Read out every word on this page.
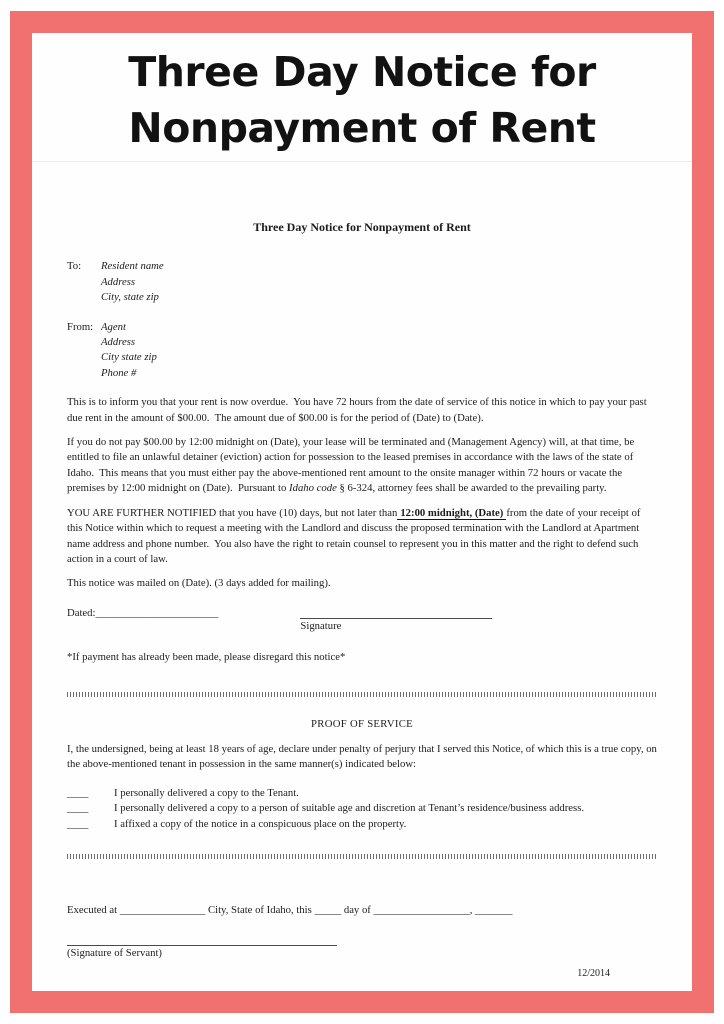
Three Day Notice for
Nonpayment of Rent
Three Day Notice for Nonpayment of Rent
To:	Resident name
Address
City, state zip
From: Agent
Address
City state zip
Phone #

This is to inform you that your rent is now overdue.  You have 72 hours from the date of service of this notice in which to pay your past due rent in the amount of $00.00.  The amount due of $00.00 is for the period of (Date) to (Date).

If you do not pay $00.00 by 12:00 midnight on (Date), your lease will be terminated and (Management Agency) will, at that time, be entitled to file an unlawful detainer (eviction) action for possession to the leased premises in accordance with the laws of the state of Idaho.  This means that you must either pay the above-mentioned rent amount to the onsite manager within 72 hours or vacate the premises by 12:00 midnight on (Date).  Pursuant to Idaho code § 6-324, attorney fees shall be awarded to the prevailing party.

YOU ARE FURTHER NOTIFIED that you have (10) days, but not later than 12:00 midnight, (Date) from the date of your receipt of this Notice within which to request a meeting with the Landlord and discuss the proposed termination with the Landlord at Apartment name address and phone number.  You also have the right to retain counsel to represent you in this matter and the right to defend such action in a court of law.

This notice was mailed on (Date). (3 days added for mailing).

Dated:_______________________
Signature

*If payment has already been made, please disregard this notice*

PROOF OF SERVICE

I, the undersigned, being at least 18 years of age, declare under penalty of perjury that I served this Notice, of which this is a true copy, on the above-mentioned tenant in possession in the same manner(s) indicated below:

____	I personally delivered a copy to the Tenant.
____	I personally delivered a copy to a person of suitable age and discretion at Tenant’s residence/business address.
____	I affixed a copy of the notice in a conspicuous place on the property.

Executed at ________________ City, State of Idaho, this _____ day of __________________, _______

(Signature of Servant)
12/2014
